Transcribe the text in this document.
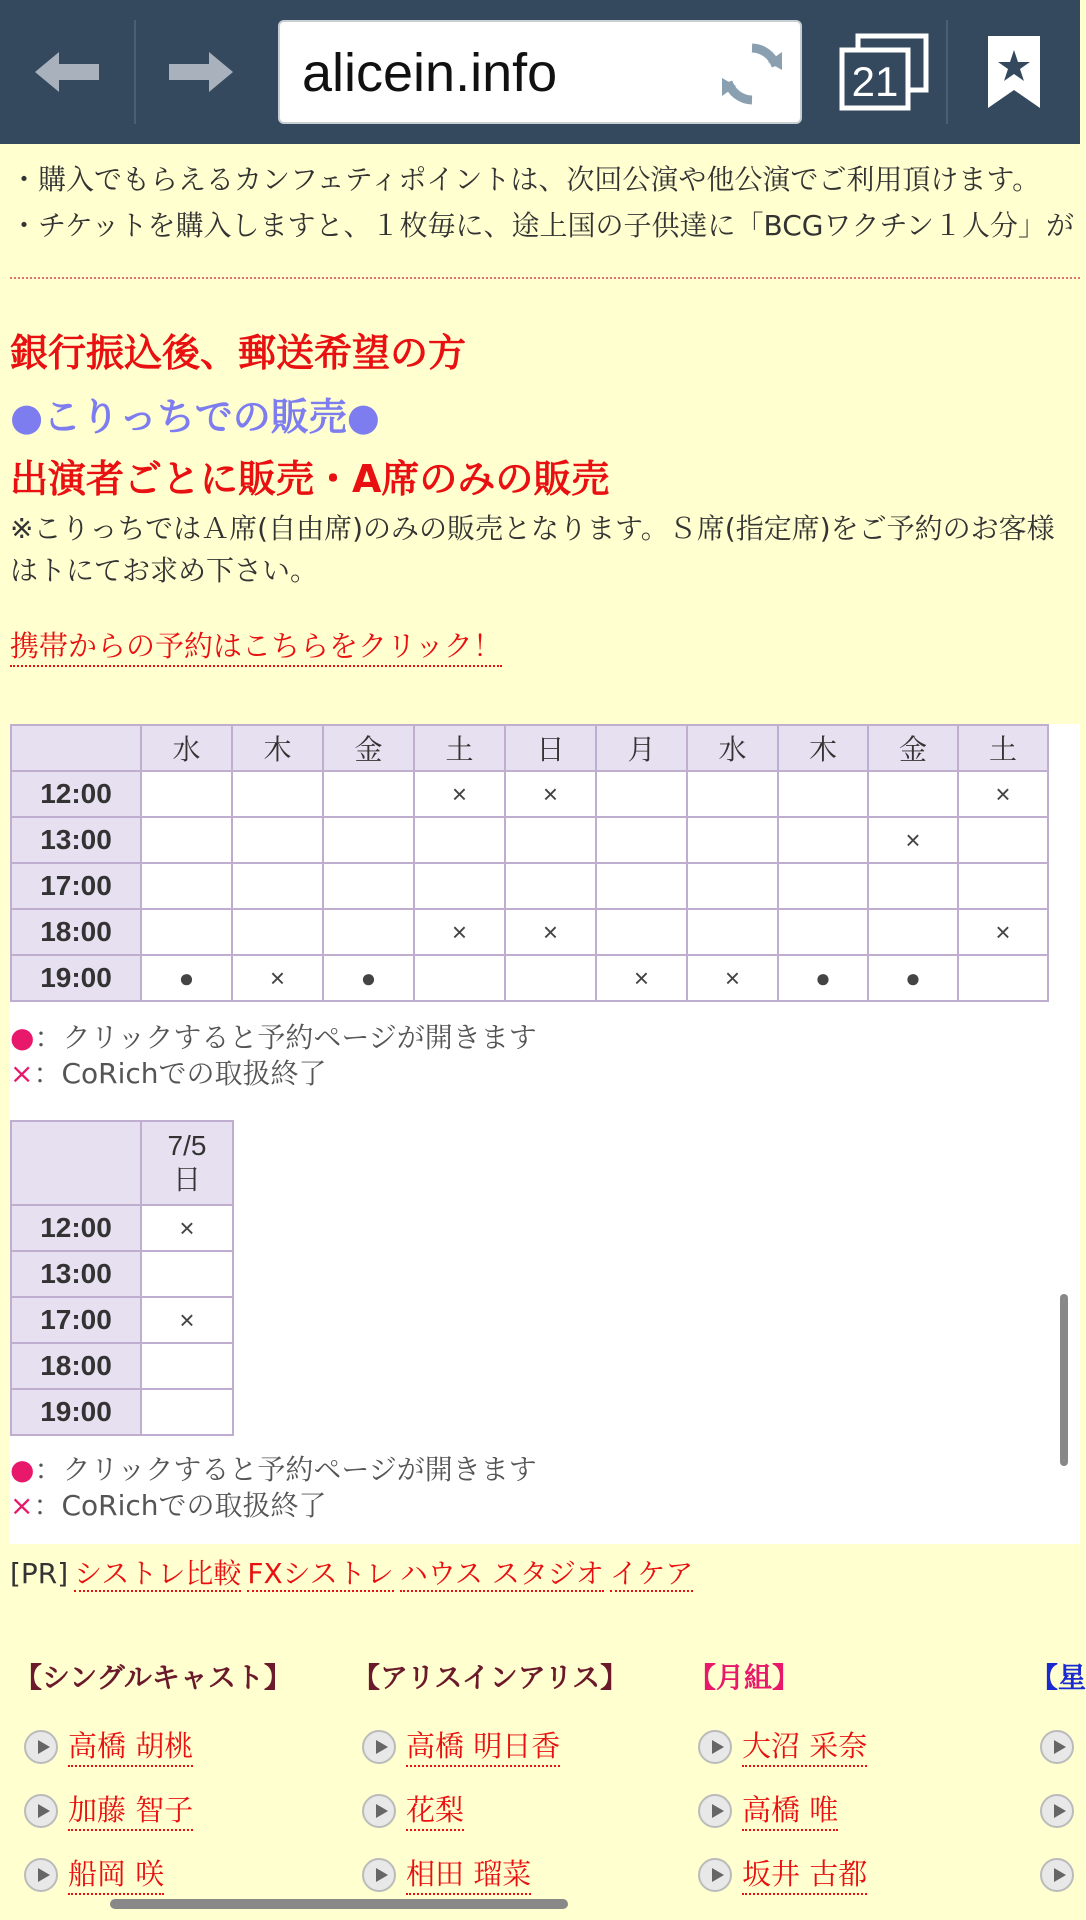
alicein.info	21
・購入でもらえるカンフェティポイントは、次回公演や他公演でご利用頂けます。
・チケットを購入しますと、１枚毎に、途上国の子供達に「BCGワクチン１人分」が
銀行振込後、郵送希望の方
●こりっちでの販売●
出演者ごとに販売・A席のみの販売
※こりっちではＡ席(自由席)のみの販売となります。Ｓ席(指定席)をご予約のお客様はトにてお求め下さい。
携帯からの予約はこちらをクリック！
	水	木	金	土	日	月	水	木	金	土
12:00				×	×					×
13:00									×	
17:00										
18:00				×	×					×
19:00	●	×	●			×	×	●	●	
●：クリックすると予約ページが開きます
×：CoRichでの取扱終了
	7/5
日
12:00	×
13:00	
17:00	×
18:00	
19:00	
●：クリックすると予約ページが開きます
×：CoRichでの取扱終了
[PR] シストレ比較 FXシストレ ハウス スタジオ イケア
【シングルキャスト】
高橋 胡桃
加藤 智子
船岡 咲
【アリスインアリス】
高橋 明日香
花梨
相田 瑠菜
【月組】
大沼 采奈
高橋 唯
坂井 古都
【星
